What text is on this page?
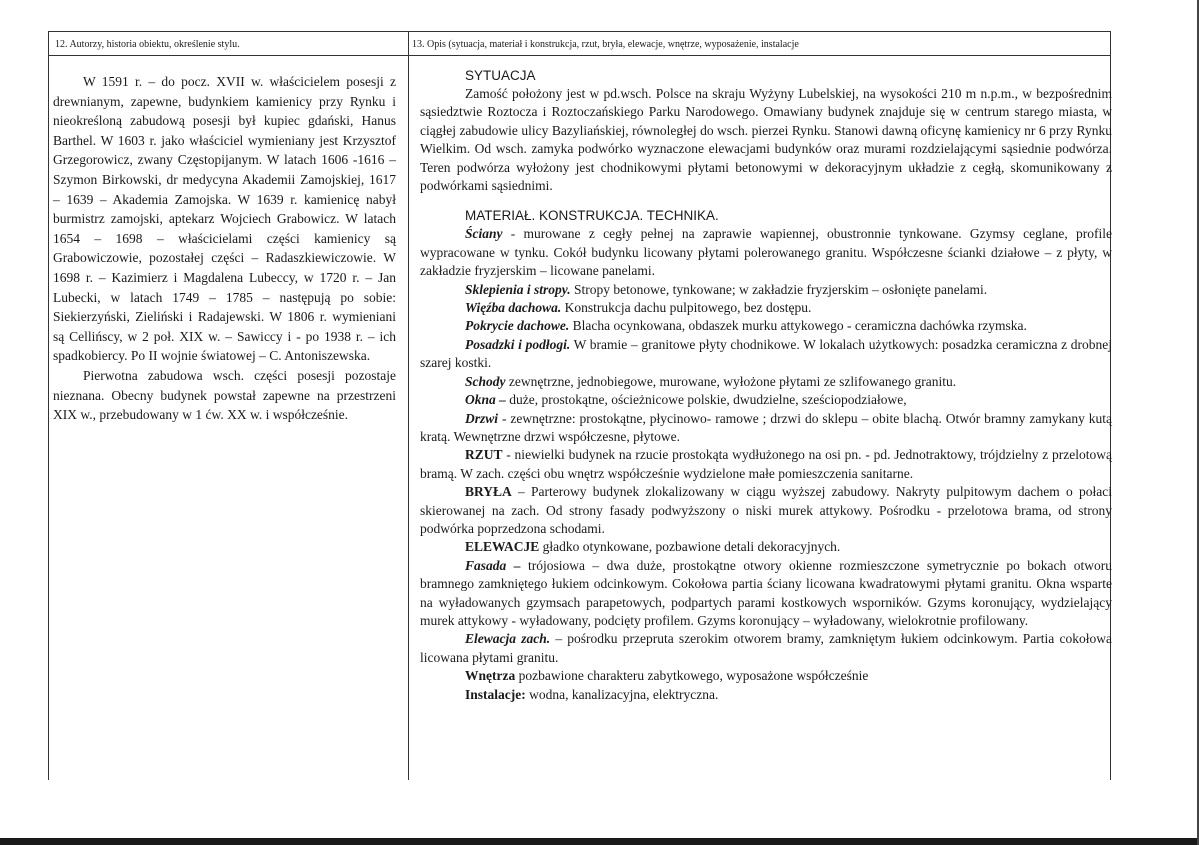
12. Autorzy, historia obiektu, określenie stylu.	13. Opis (sytuacja, materiał i konstrukcja, rzut, bryła, elewacje, wnętrze, wyposażenie, instalacje

W 1591 r. – do pocz. XVII w. właścicielem posesji z drewnianym, zapewne, budynkiem kamienicy przy Rynku i nieokreśloną zabudową posesji był kupiec gdański, Hanus Barthel. W 1603 r. jako właściciel wymieniany jest Krzysztof Grzegorowicz, zwany Częstopijanym. W latach 1606 -1616 – Szymon Birkowski, dr medycyna Akademii Zamojskiej, 1617 – 1639 – Akademia Zamojska. W 1639 r. kamienicę nabył burmistrz zamojski, aptekarz Wojciech Grabowicz. W latach 1654 – 1698 – właścicielami części kamienicy są Grabowiczowie, pozostałej części – Radaszkiewiczowie. W 1698 r. – Kazimierz i Magdalena Lubeccy, w 1720 r. – Jan Lubecki, w latach 1749 – 1785 – następują po sobie: Siekierzyński, Zieliński i Radajewski. W 1806 r. wymieniani są Cellińscy, w 2 poł. XIX w. – Sawiccy i - po 1938 r. – ich spadkobiercy. Po II wojnie światowej – C. Antoniszewska.

Pierwotna zabudowa wsch. części posesji pozostaje nieznana. Obecny budynek powstał zapewne na przestrzeni XIX w., przebudowany w 1 ćw. XX w. i współcześnie.

SYTUACJA

Zamość położony jest w pd.wsch. Polsce na skraju Wyżyny Lubelskiej, na wysokości 210 m n.p.m., w bezpośrednim sąsiedztwie Roztocza i Roztoczańskiego Parku Narodowego. Omawiany budynek znajduje się w centrum starego miasta, w ciągłej zabudowie ulicy Bazyliańskiej, równoległej do wsch. pierzei Rynku. Stanowi dawną oficynę kamienicy nr 6 przy Rynku Wielkim. Od wsch. zamyka podwórko wyznaczone elewacjami budynków oraz murami rozdzielającymi sąsiednie podwórza. Teren podwórza wyłożony jest chodnikowymi płytami betonowymi w dekoracyjnym układzie z cegłą, skomunikowany z podwórkami sąsiednimi.

MATERIAŁ. KONSTRUKCJA. TECHNIKA.

Ściany - murowane z cegły pełnej na zaprawie wapiennej, obustronnie tynkowane. Gzymsy ceglane, profile wypracowane w tynku. Cokół budynku licowany płytami polerowanego granitu. Współczesne ścianki działowe – z płyty, w zakładzie fryzjerskim – licowane panelami.

Sklepienia i stropy. Stropy betonowe, tynkowane; w zakładzie fryzjerskim – osłonięte panelami.

Więźba dachowa. Konstrukcja dachu pulpitowego, bez dostępu.

Pokrycie dachowe. Blacha ocynkowana, obdaszek murku attykowego - ceramiczna dachówka rzymska.

Posadzki i podłogi. W bramie – granitowe płyty chodnikowe. W lokalach użytkowych: posadzka ceramiczna z drobnej szarej kostki.

Schody zewnętrzne, jednobiegowe, murowane, wyłożone płytami ze szlifowanego granitu.

Okna – duże, prostokątne, ościeżnicowe polskie, dwudzielne, sześciopodziałowe,

Drzwi - zewnętrzne: prostokątne, płycinowo- ramowe ; drzwi do sklepu – obite blachą. Otwór bramny zamykany kutą kratą. Wewnętrzne drzwi współczesne, płytowe.

RZUT - niewielki budynek na rzucie prostokąta wydłużonego na osi pn. - pd. Jednotraktowy, trójdzielny z przelotową bramą. W zach. części obu wnętrz współcześnie wydzielone małe pomieszczenia sanitarne.

BRYŁA – Parterowy budynek zlokalizowany w ciągu wyższej zabudowy. Nakryty pulpitowym dachem o połaci skierowanej na zach. Od strony fasady podwyższony o niski murek attykowy. Pośrodku - przelotowa brama, od strony podwórka poprzedzona schodami.

ELEWACJE gładko otynkowane, pozbawione detali dekoracyjnych.

Fasada – trójosiowa – dwa duże, prostokątne otwory okienne rozmieszczone symetrycznie po bokach otworu bramnego zamkniętego łukiem odcinkowym. Cokołowa partia ściany licowana kwadratowymi płytami granitu. Okna wsparte na wyładowanych gzymsach parapetowych, podpartych parami kostkowych wsporników. Gzyms koronujący, wydzielający murek attykowy - wyładowany, podcięty profilem. Gzyms koronujący – wyładowany, wielokrotnie profilowany.

Elewacja zach. – pośrodku przepruta szerokim otworem bramy, zamkniętym łukiem odcinkowym. Partia cokołowa licowana płytami granitu.

Wnętrza pozbawione charakteru zabytkowego, wyposażone współcześnie

Instalacje: wodna, kanalizacyjna, elektryczna.
